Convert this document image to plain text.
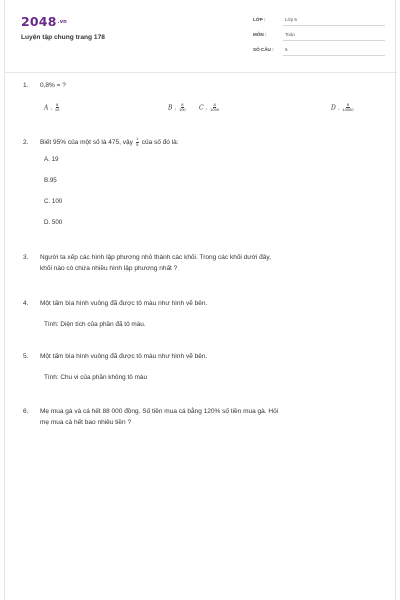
$2048^{.vn}$
Luyện tập chung trang 178
LỚP :	Lớp 5
MÔN :	Toán
SỐ CÂU :	6
1. 0,8% = ?
A . $\frac{8}{10}$	B . $\frac{8}{100}$ C . $\frac{8}{1000}$	D . $\frac{8}{10000}$
2. Biết 95% của một số là 475, vậy $\frac{1}{5}$ của số đó là:
A. 19
B.95
C. 100
D. 500
3. Người ta xếp các hình lập phương nhỏ thành các khối. Trong các khối dưới đây,
khối nào có chứa nhiều hình lập phương nhất ?
4. Một tấm bìa hình vuông đã được tô màu như hình vẽ bên.
Tính: Diện tích của phần đã tô màu.
5. Một tấm bìa hình vuông đã được tô màu như hình vẽ bên.
Tính: Chu vi của phần không tô màu
6. Mẹ mua gà và cá hết 88 000 đồng. Số tiền mua cá bằng 120% số tiền mua gà. Hỏi
mẹ mua cá hết bao nhiêu tiền ?
